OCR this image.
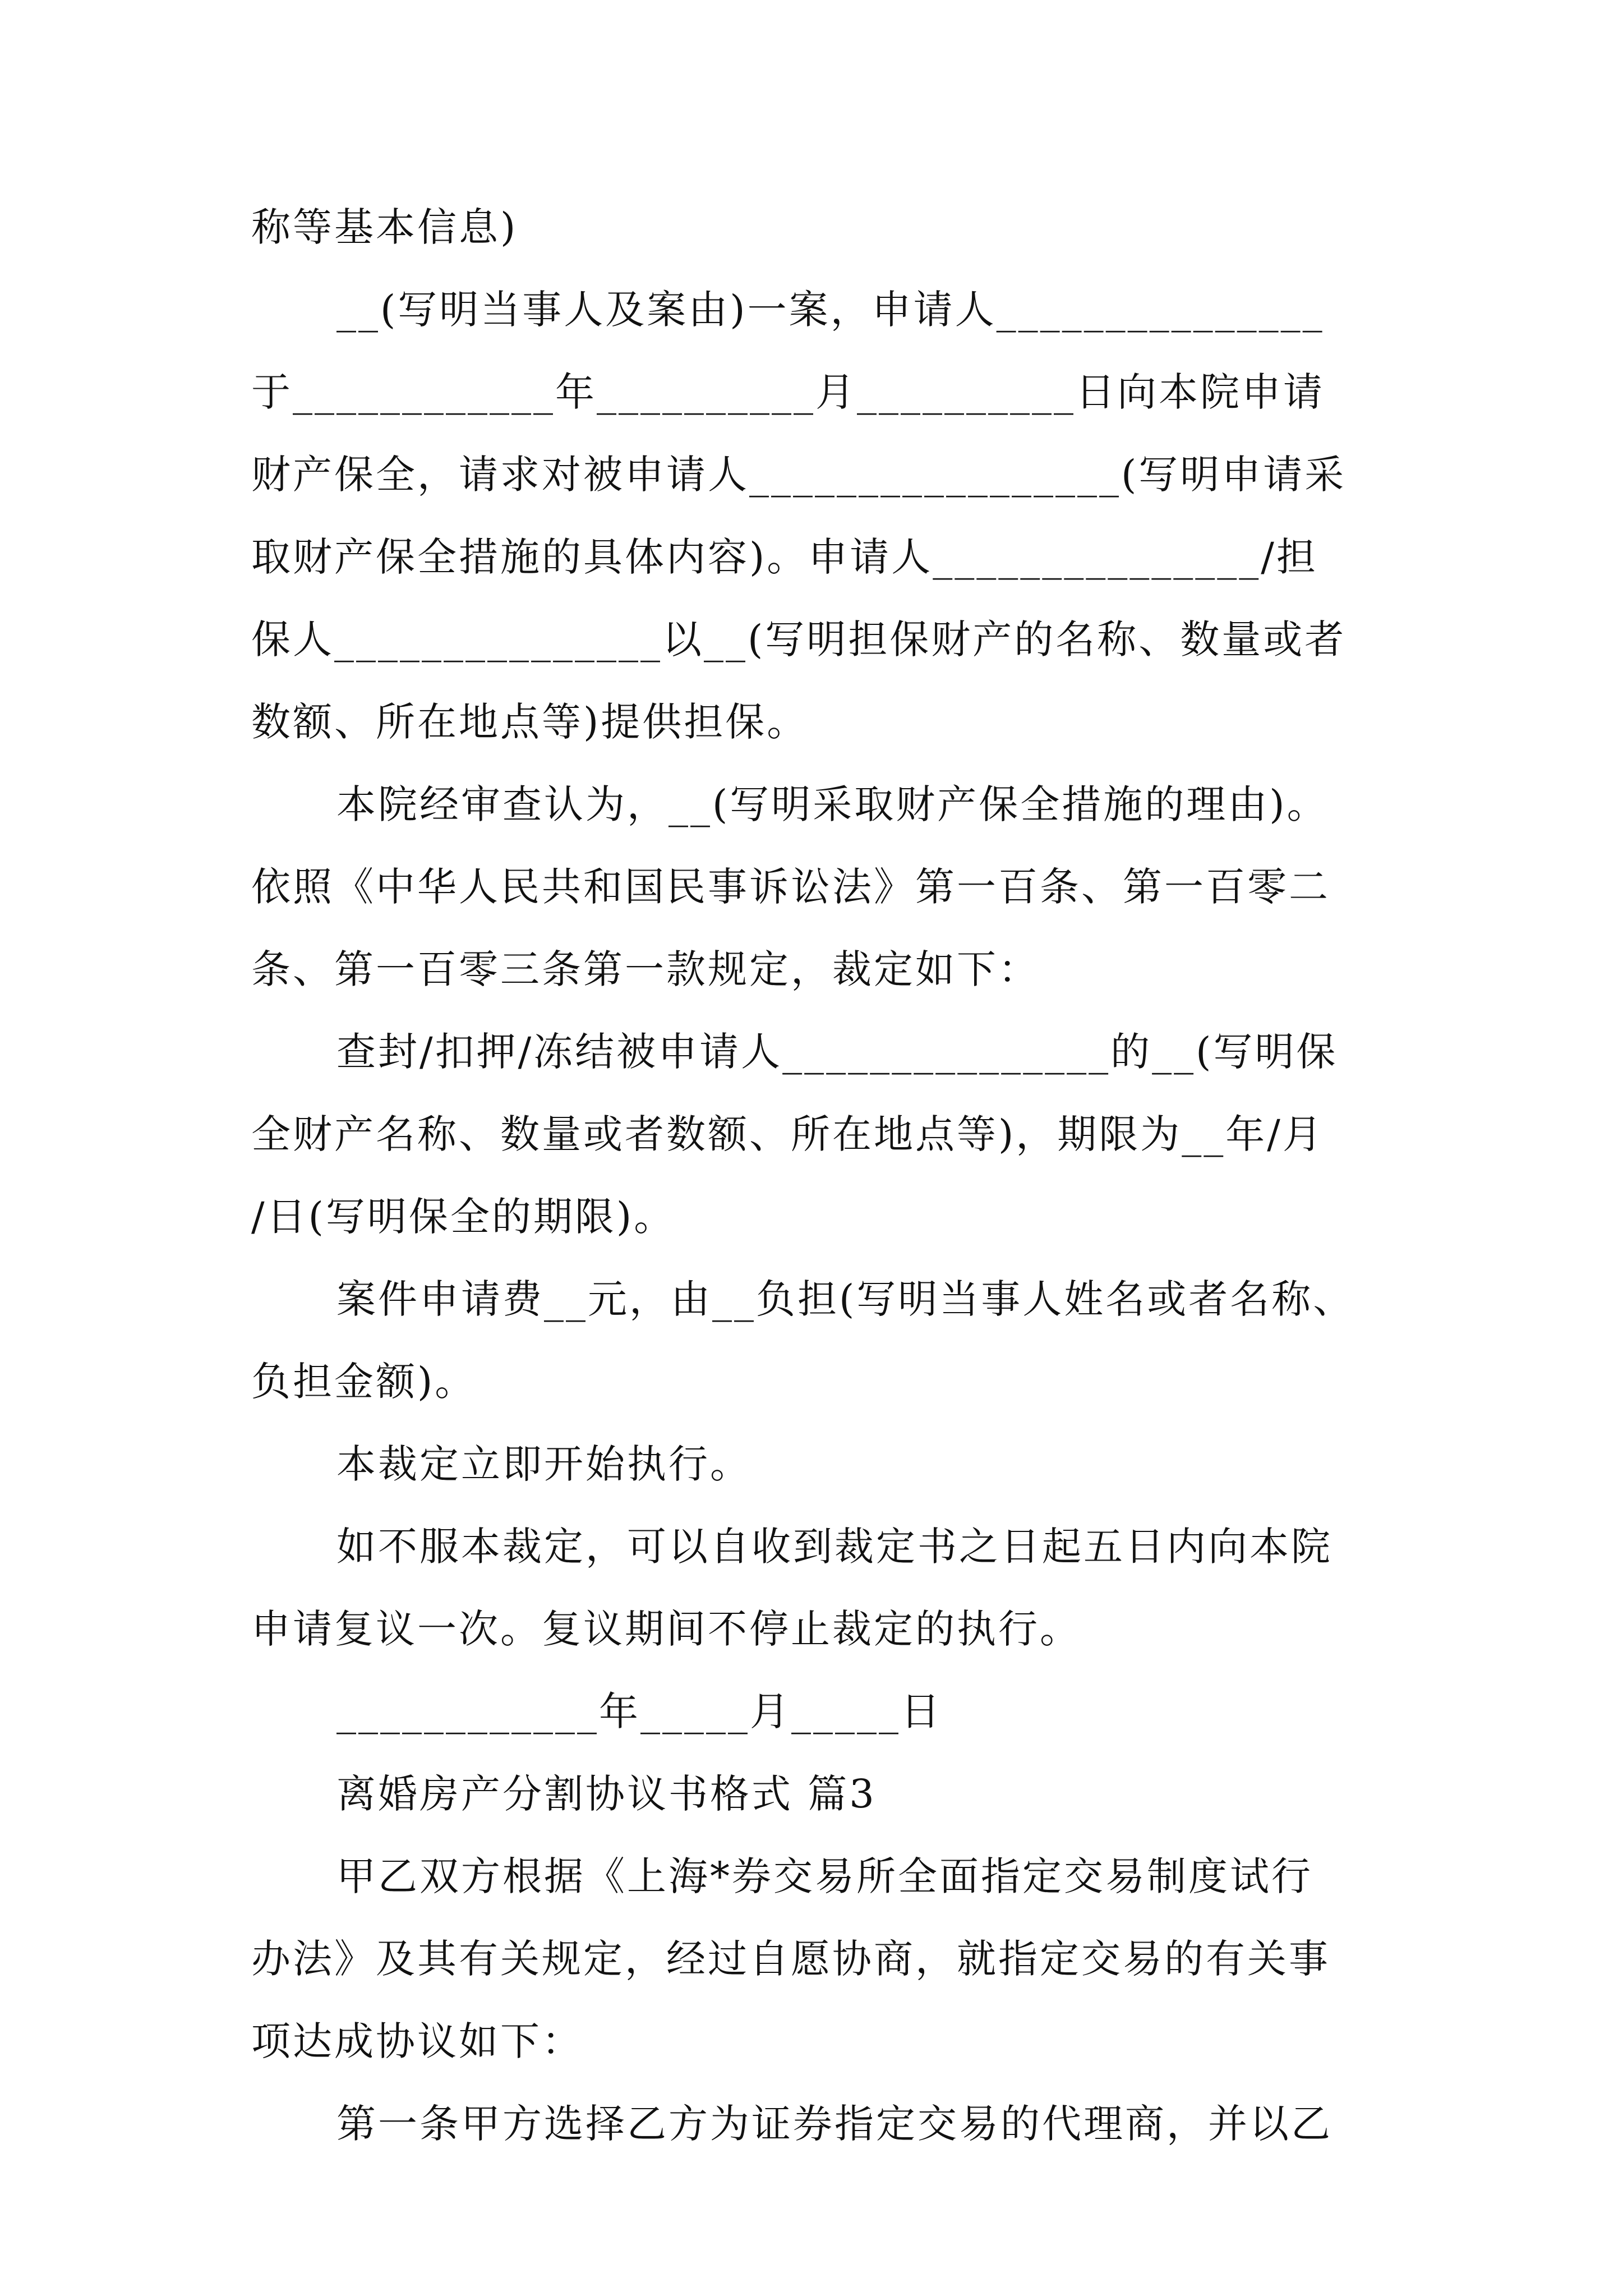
称等基本信息)
__(写明当事人及案由)一案，申请人_______________
于____________年__________月__________日向本院申请
财产保全，请求对被申请人_________________(写明申请采
取财产保全措施的具体内容)。申请人_______________/担
保人_______________以__(写明担保财产的名称、数量或者
数额、所在地点等)提供担保。
本院经审查认为，__(写明采取财产保全措施的理由)。
依照《中华人民共和国民事诉讼法》第一百条、第一百零二
条、第一百零三条第一款规定，裁定如下：
查封/扣押/冻结被申请人_______________的__(写明保
全财产名称、数量或者数额、所在地点等)，期限为__年/月
/日(写明保全的期限)。
案件申请费__元，由__负担(写明当事人姓名或者名称、
负担金额)。
本裁定立即开始执行。
如不服本裁定，可以自收到裁定书之日起五日内向本院
申请复议一次。复议期间不停止裁定的执行。
____________年_____月_____日
离婚房产分割协议书格式 篇3
甲乙双方根据《上海*券交易所全面指定交易制度试行
办法》及其有关规定，经过自愿协商，就指定交易的有关事
项达成协议如下：
第一条甲方选择乙方为证券指定交易的代理商，并以乙
